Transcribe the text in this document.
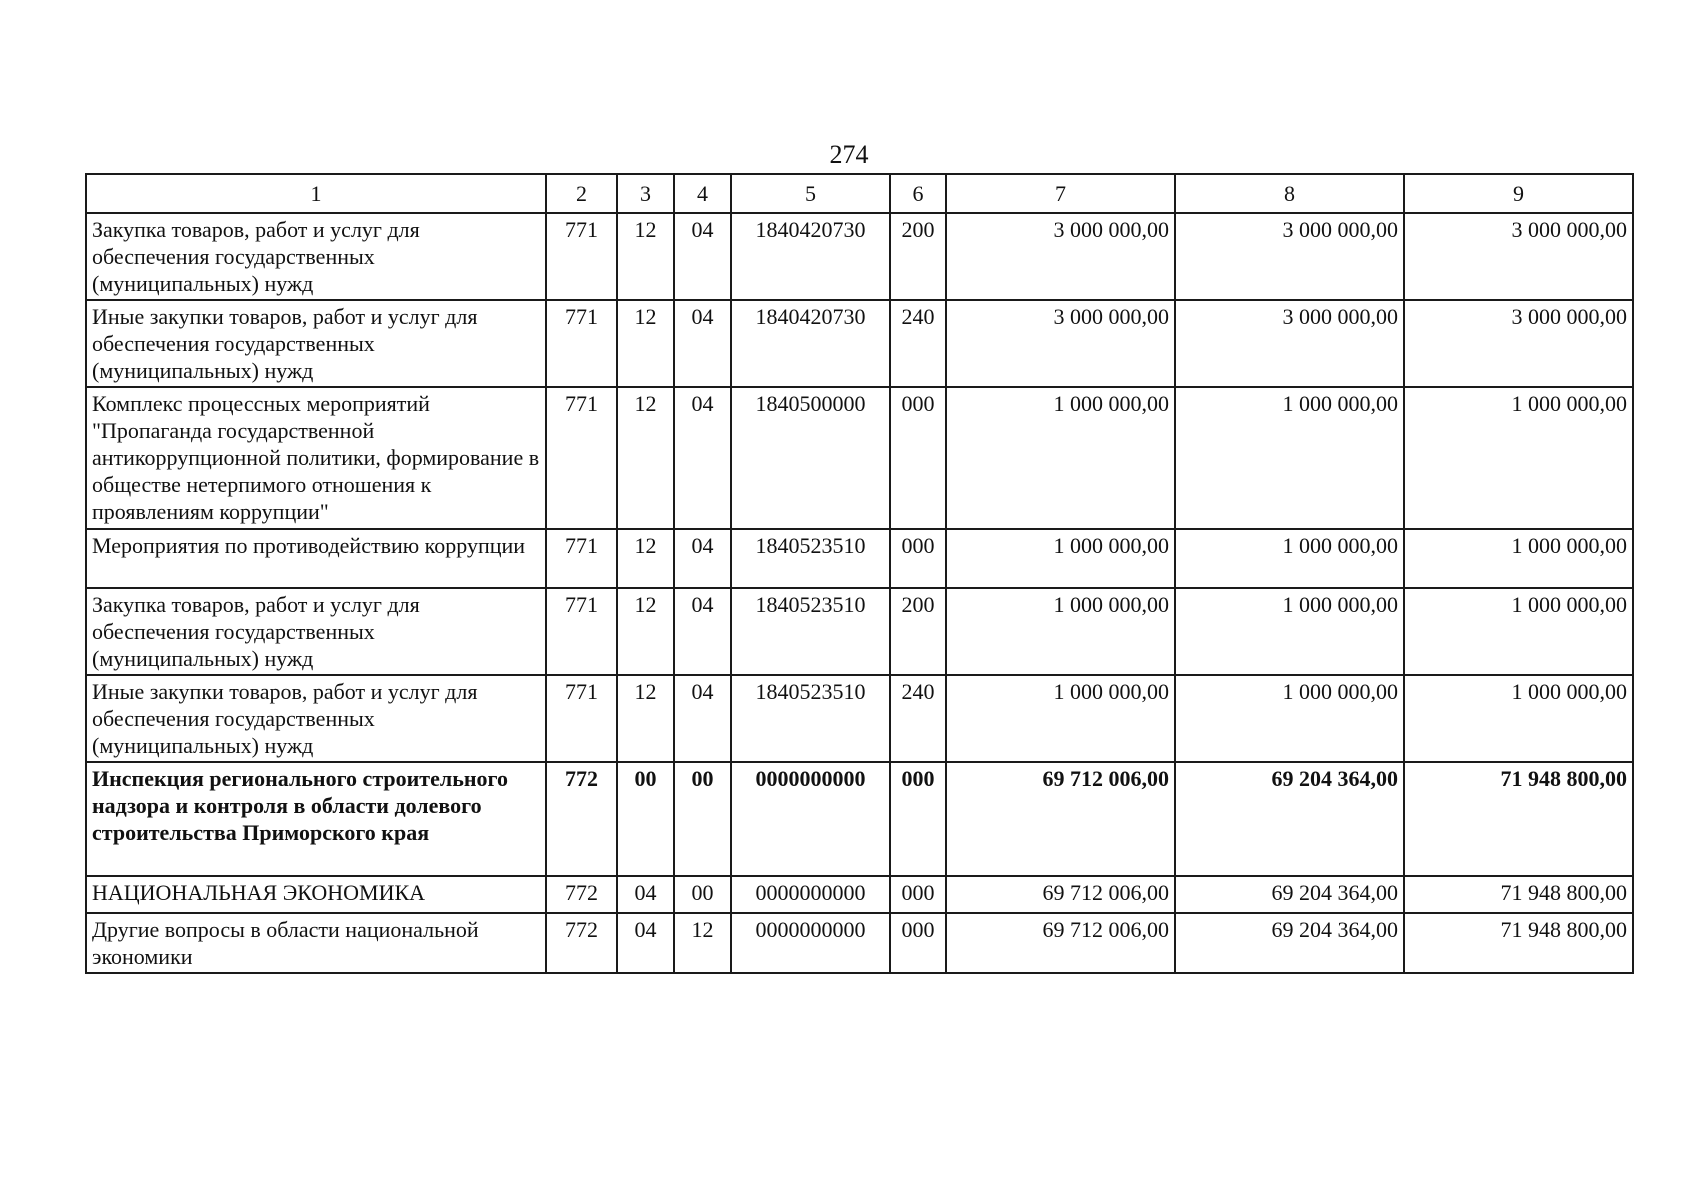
274
1	2	3	4	5	6	7	8	9
Закупка товаров, работ и услуг для обеспечения государственных (муниципальных) нужд	771	12	04	1840420730	200	3 000 000,00	3 000 000,00	3 000 000,00
Иные закупки товаров, работ и услуг для обеспечения государственных (муниципальных) нужд	771	12	04	1840420730	240	3 000 000,00	3 000 000,00	3 000 000,00
Комплекс процессных мероприятий "Пропаганда государственной антикоррупционной политики, формирование в обществе нетерпимого отношения к проявлениям коррупции"	771	12	04	1840500000	000	1 000 000,00	1 000 000,00	1 000 000,00
Мероприятия по противодействию коррупции	771	12	04	1840523510	000	1 000 000,00	1 000 000,00	1 000 000,00
Закупка товаров, работ и услуг для обеспечения государственных (муниципальных) нужд	771	12	04	1840523510	200	1 000 000,00	1 000 000,00	1 000 000,00
Иные закупки товаров, работ и услуг для обеспечения государственных (муниципальных) нужд	771	12	04	1840523510	240	1 000 000,00	1 000 000,00	1 000 000,00
Инспекция регионального строительного надзора и контроля в области долевого строительства Приморского края	772	00	00	0000000000	000	69 712 006,00	69 204 364,00	71 948 800,00
НАЦИОНАЛЬНАЯ ЭКОНОМИКА	772	04	00	0000000000	000	69 712 006,00	69 204 364,00	71 948 800,00
Другие вопросы в области национальной экономики	772	04	12	0000000000	000	69 712 006,00	69 204 364,00	71 948 800,00
